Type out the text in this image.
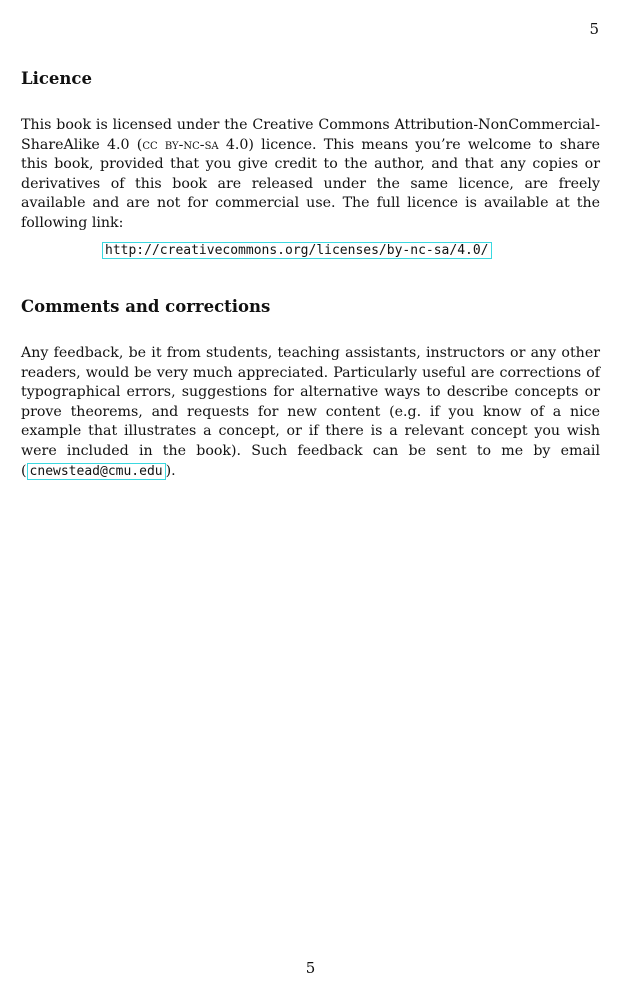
5
Licence

This book is licensed under the Creative Commons Attribution-NonCommercial-ShareAlike 4.0 (cc by-nc-sa 4.0) licence. This means you’re welcome to share this book, provided that you give credit to the author, and that any copies or derivatives of this book are released under the same licence, are freely available and are not for commercial use. The full licence is available at the following link:

http://creativecommons.org/licenses/by-nc-sa/4.0/
Comments and corrections

Any feedback, be it from students, teaching assistants, instructors or any other readers, would be very much appreciated. Particularly useful are corrections of typographical errors, suggestions for alternative ways to describe concepts or prove theorems, and requests for new content (e.g. if you know of a nice example that illustrates a concept, or if there is a relevant concept you wish were included in the book). Such feedback can be sent to me by email ( cnewstead@cmu.edu ).

5
